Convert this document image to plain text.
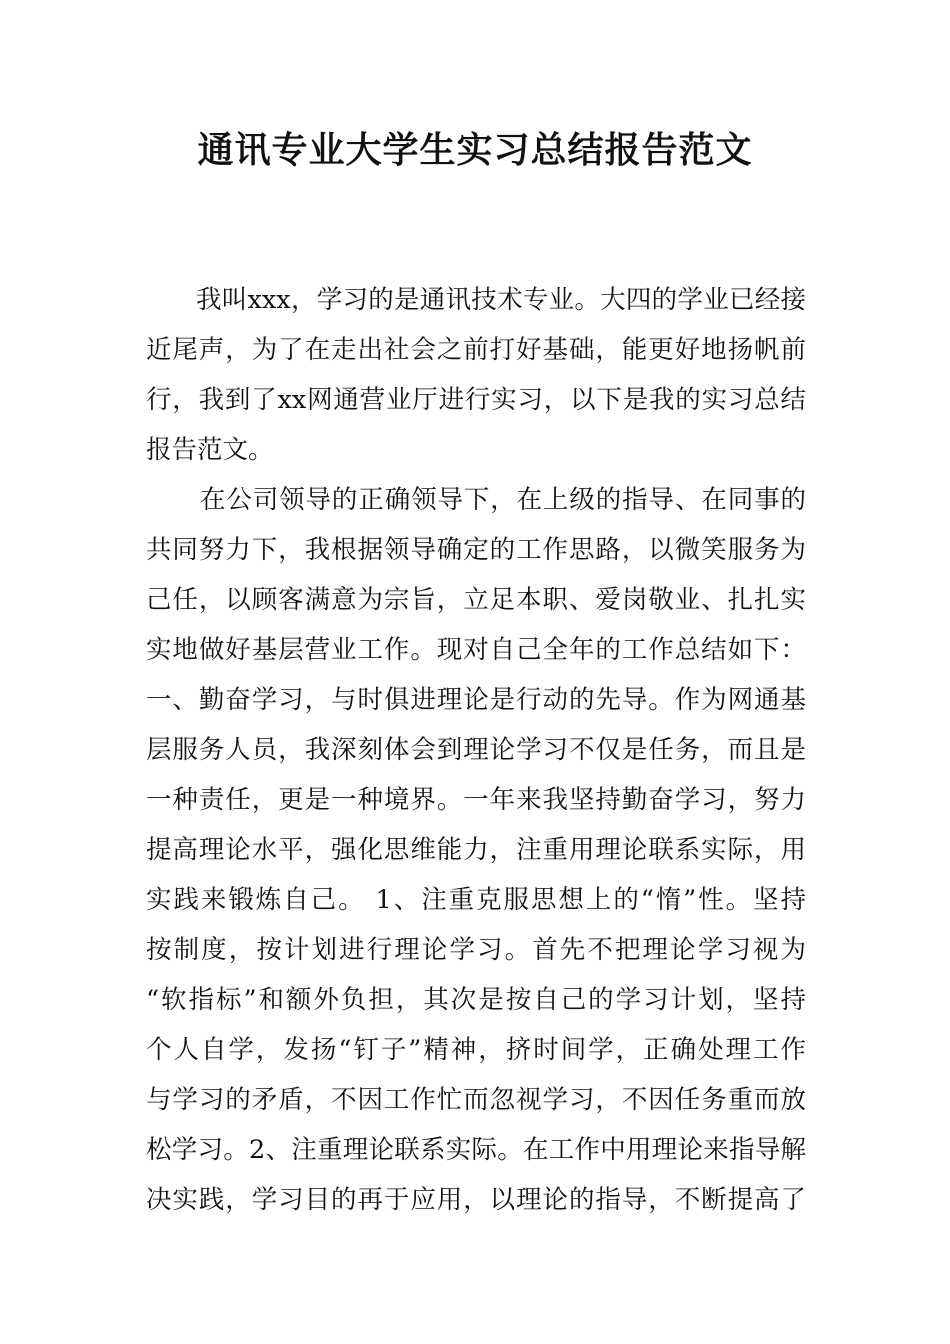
通讯专业大学生实习总结报告范文

我叫xxx，学习的是通讯技术专业。大四的学业已经接

近尾声，为了在走出社会之前打好基础，能更好地扬帆前

行，我到了xx网通营业厅进行实习，以下是我的实习总结

报告范文。

在公司领导的正确领导下，在上级的指导、在同事的

共同努力下，我根据领导确定的工作思路，以微笑服务为

己任，以顾客满意为宗旨，立足本职、爱岗敬业、扎扎实

实地做好基层营业工作。现对自己全年的工作总结如下：

一、勤奋学习，与时俱进理论是行动的先导。作为网通基

层服务人员，我深刻体会到理论学习不仅是任务，而且是

一种责任，更是一种境界。一年来我坚持勤奋学习，努力

提高理论水平，强化思维能力，注重用理论联系实际，用

实践来锻炼自己。 1、注重克服思想上的“惰”性。坚持

按制度，按计划进行理论学习。首先不把理论学习视为

“软指标”和额外负担，其次是按自己的学习计划，坚持

个人自学，发扬“钉子”精神，挤时间学，正确处理工作

与学习的矛盾，不因工作忙而忽视学习，不因任务重而放

松学习。2、注重理论联系实际。在工作中用理论来指导解

决实践，学习目的再于应用，以理论的指导，不断提高了
